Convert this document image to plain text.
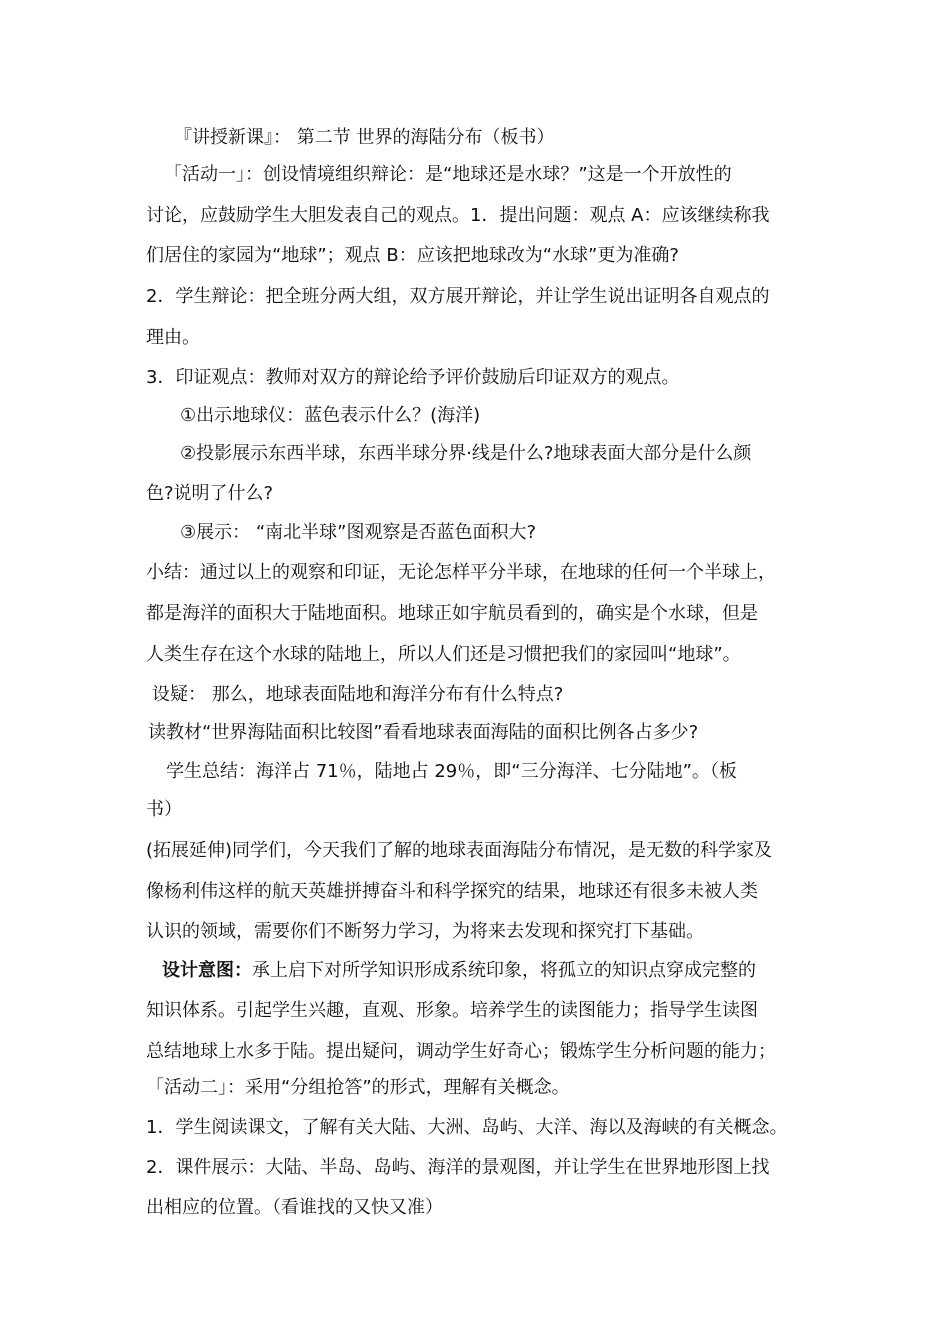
『讲授新课』： 第二节 世界的海陆分布（板书）
「活动一」：创设情境组织辩论：是“地球还是水球？”这是一个开放性的
讨论，应鼓励学生大胆发表自己的观点。1．提出问题：观点 A：应该继续称我
们居住的家园为“地球”；观点 B：应该把地球改为“水球”更为准确?
2．学生辩论：把全班分两大组，双方展开辩论，并让学生说出证明各自观点的
理由。
3．印证观点：教师对双方的辩论给予评价鼓励后印证双方的观点。
①出示地球仪：蓝色表示什么？(海洋)
②投影展示东西半球，东西半球分界·线是什么?地球表面大部分是什么颜
色?说明了什么?
③展示： “南北半球”图观察是否蓝色面积大?
小结：通过以上的观察和印证，无论怎样平分半球，在地球的任何一个半球上，
都是海洋的面积大于陆地面积。地球正如宇航员看到的，确实是个水球，但是
人类生存在这个水球的陆地上，所以人们还是习惯把我们的家园叫“地球”。
设疑： 那么，地球表面陆地和海洋分布有什么特点?
读教材“世界海陆面积比较图”看看地球表面海陆的面积比例各占多少?
学生总结：海洋占 71％，陆地占 29％，即“三分海洋、七分陆地”。（板
书）
(拓展延伸)同学们，今天我们了解的地球表面海陆分布情况，是无数的科学家及
像杨利伟这样的航天英雄拼搏奋斗和科学探究的结果，地球还有很多未被人类
认识的领域，需要你们不断努力学习，为将来去发现和探究打下基础。
设计意图：承上启下对所学知识形成系统印象，将孤立的知识点穿成完整的
知识体系。引起学生兴趣，直观、形象。培养学生的读图能力；指导学生读图
总结地球上水多于陆。提出疑问，调动学生好奇心；锻炼学生分析问题的能力；
「活动二」：采用“分组抢答”的形式，理解有关概念。
1．学生阅读课文，了解有关大陆、大洲、岛屿、大洋、海以及海峡的有关概念。
2．课件展示：大陆、半岛、岛屿、海洋的景观图，并让学生在世界地形图上找
出相应的位置。（看谁找的又快又准）
